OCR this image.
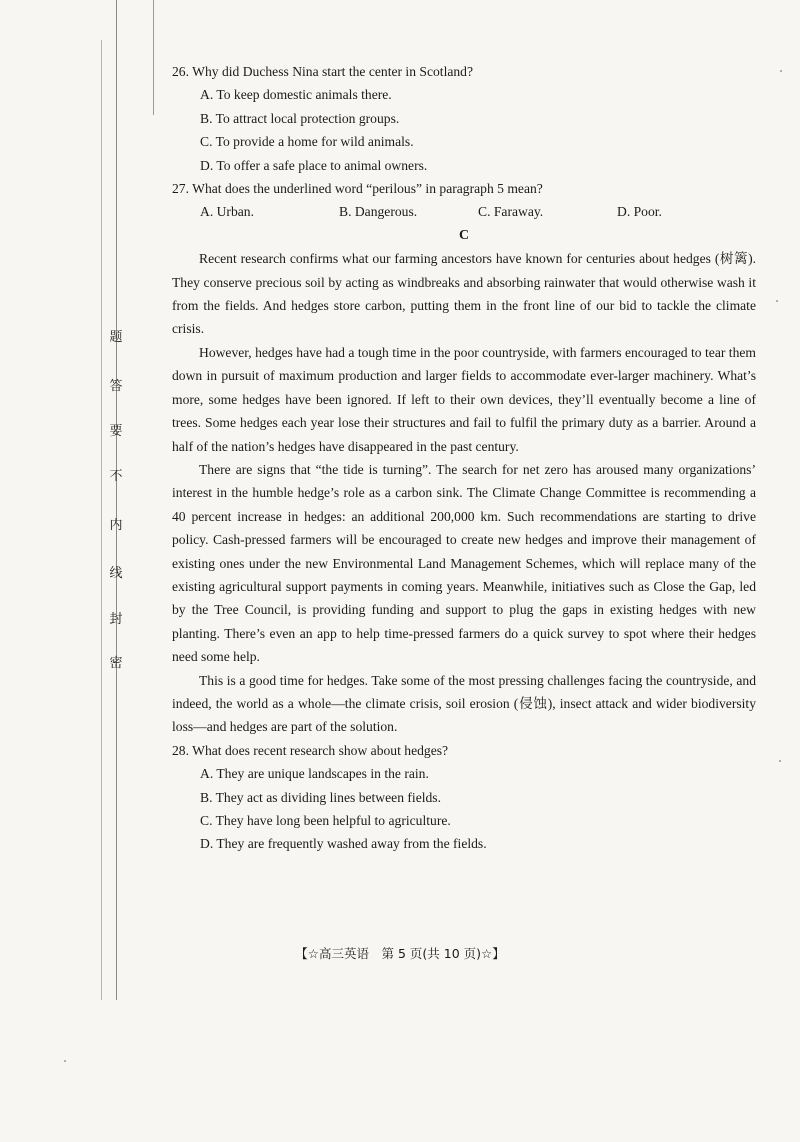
题
答
要
不
内
线
封
密

26. Why did Duchess Nina start the center in Scotland?

A. To keep domestic animals there.

B. To attract local protection groups.

C. To provide a home for wild animals.

D. To offer a safe place to animal owners.

27. What does the underlined word “perilous” in paragraph 5 mean?

A. Urban.	B. Dangerous.	C. Faraway.	D. Poor.

C

Recent research confirms what our farming ancestors have known for centuries about hedges (树篱). They conserve precious soil by acting as windbreaks and absorbing rainwater that would otherwise wash it from the fields. And hedges store carbon, putting them in the front line of our bid to tackle the climate crisis.

However, hedges have had a tough time in the poor countryside, with farmers encouraged to tear them down in pursuit of maximum production and larger fields to accommodate ever-larger machinery. What’s more, some hedges have been ignored. If left to their own devices, they’ll eventually become a line of trees. Some hedges each year lose their structures and fail to fulfil the primary duty as a barrier. Around a half of the nation’s hedges have disappeared in the past century.

There are signs that “the tide is turning”. The search for net zero has aroused many organizations’ interest in the humble hedge’s role as a carbon sink. The Climate Change Committee is recommending a 40 percent increase in hedges: an additional 200,000 km. Such recommendations are starting to drive policy. Cash-pressed farmers will be encouraged to create new hedges and improve their management of existing ones under the new Environmental Land Management Schemes, which will replace many of the existing agricultural support payments in coming years. Meanwhile, initiatives such as Close the Gap, led by the Tree Council, is providing funding and support to plug the gaps in existing hedges with new planting. There’s even an app to help time-pressed farmers do a quick survey to spot where their hedges need some help.

This is a good time for hedges. Take some of the most pressing challenges facing the countryside, and indeed, the world as a whole—the climate crisis, soil erosion (侵蚀), insect attack and wider biodiversity loss—and hedges are part of the solution.

28. What does recent research show about hedges?

A. They are unique landscapes in the rain.

B. They act as dividing lines between fields.

C. They have long been helpful to agriculture.

D. They are frequently washed away from the fields.

【☆高三英语　第 5 页(共 10 页)☆】
